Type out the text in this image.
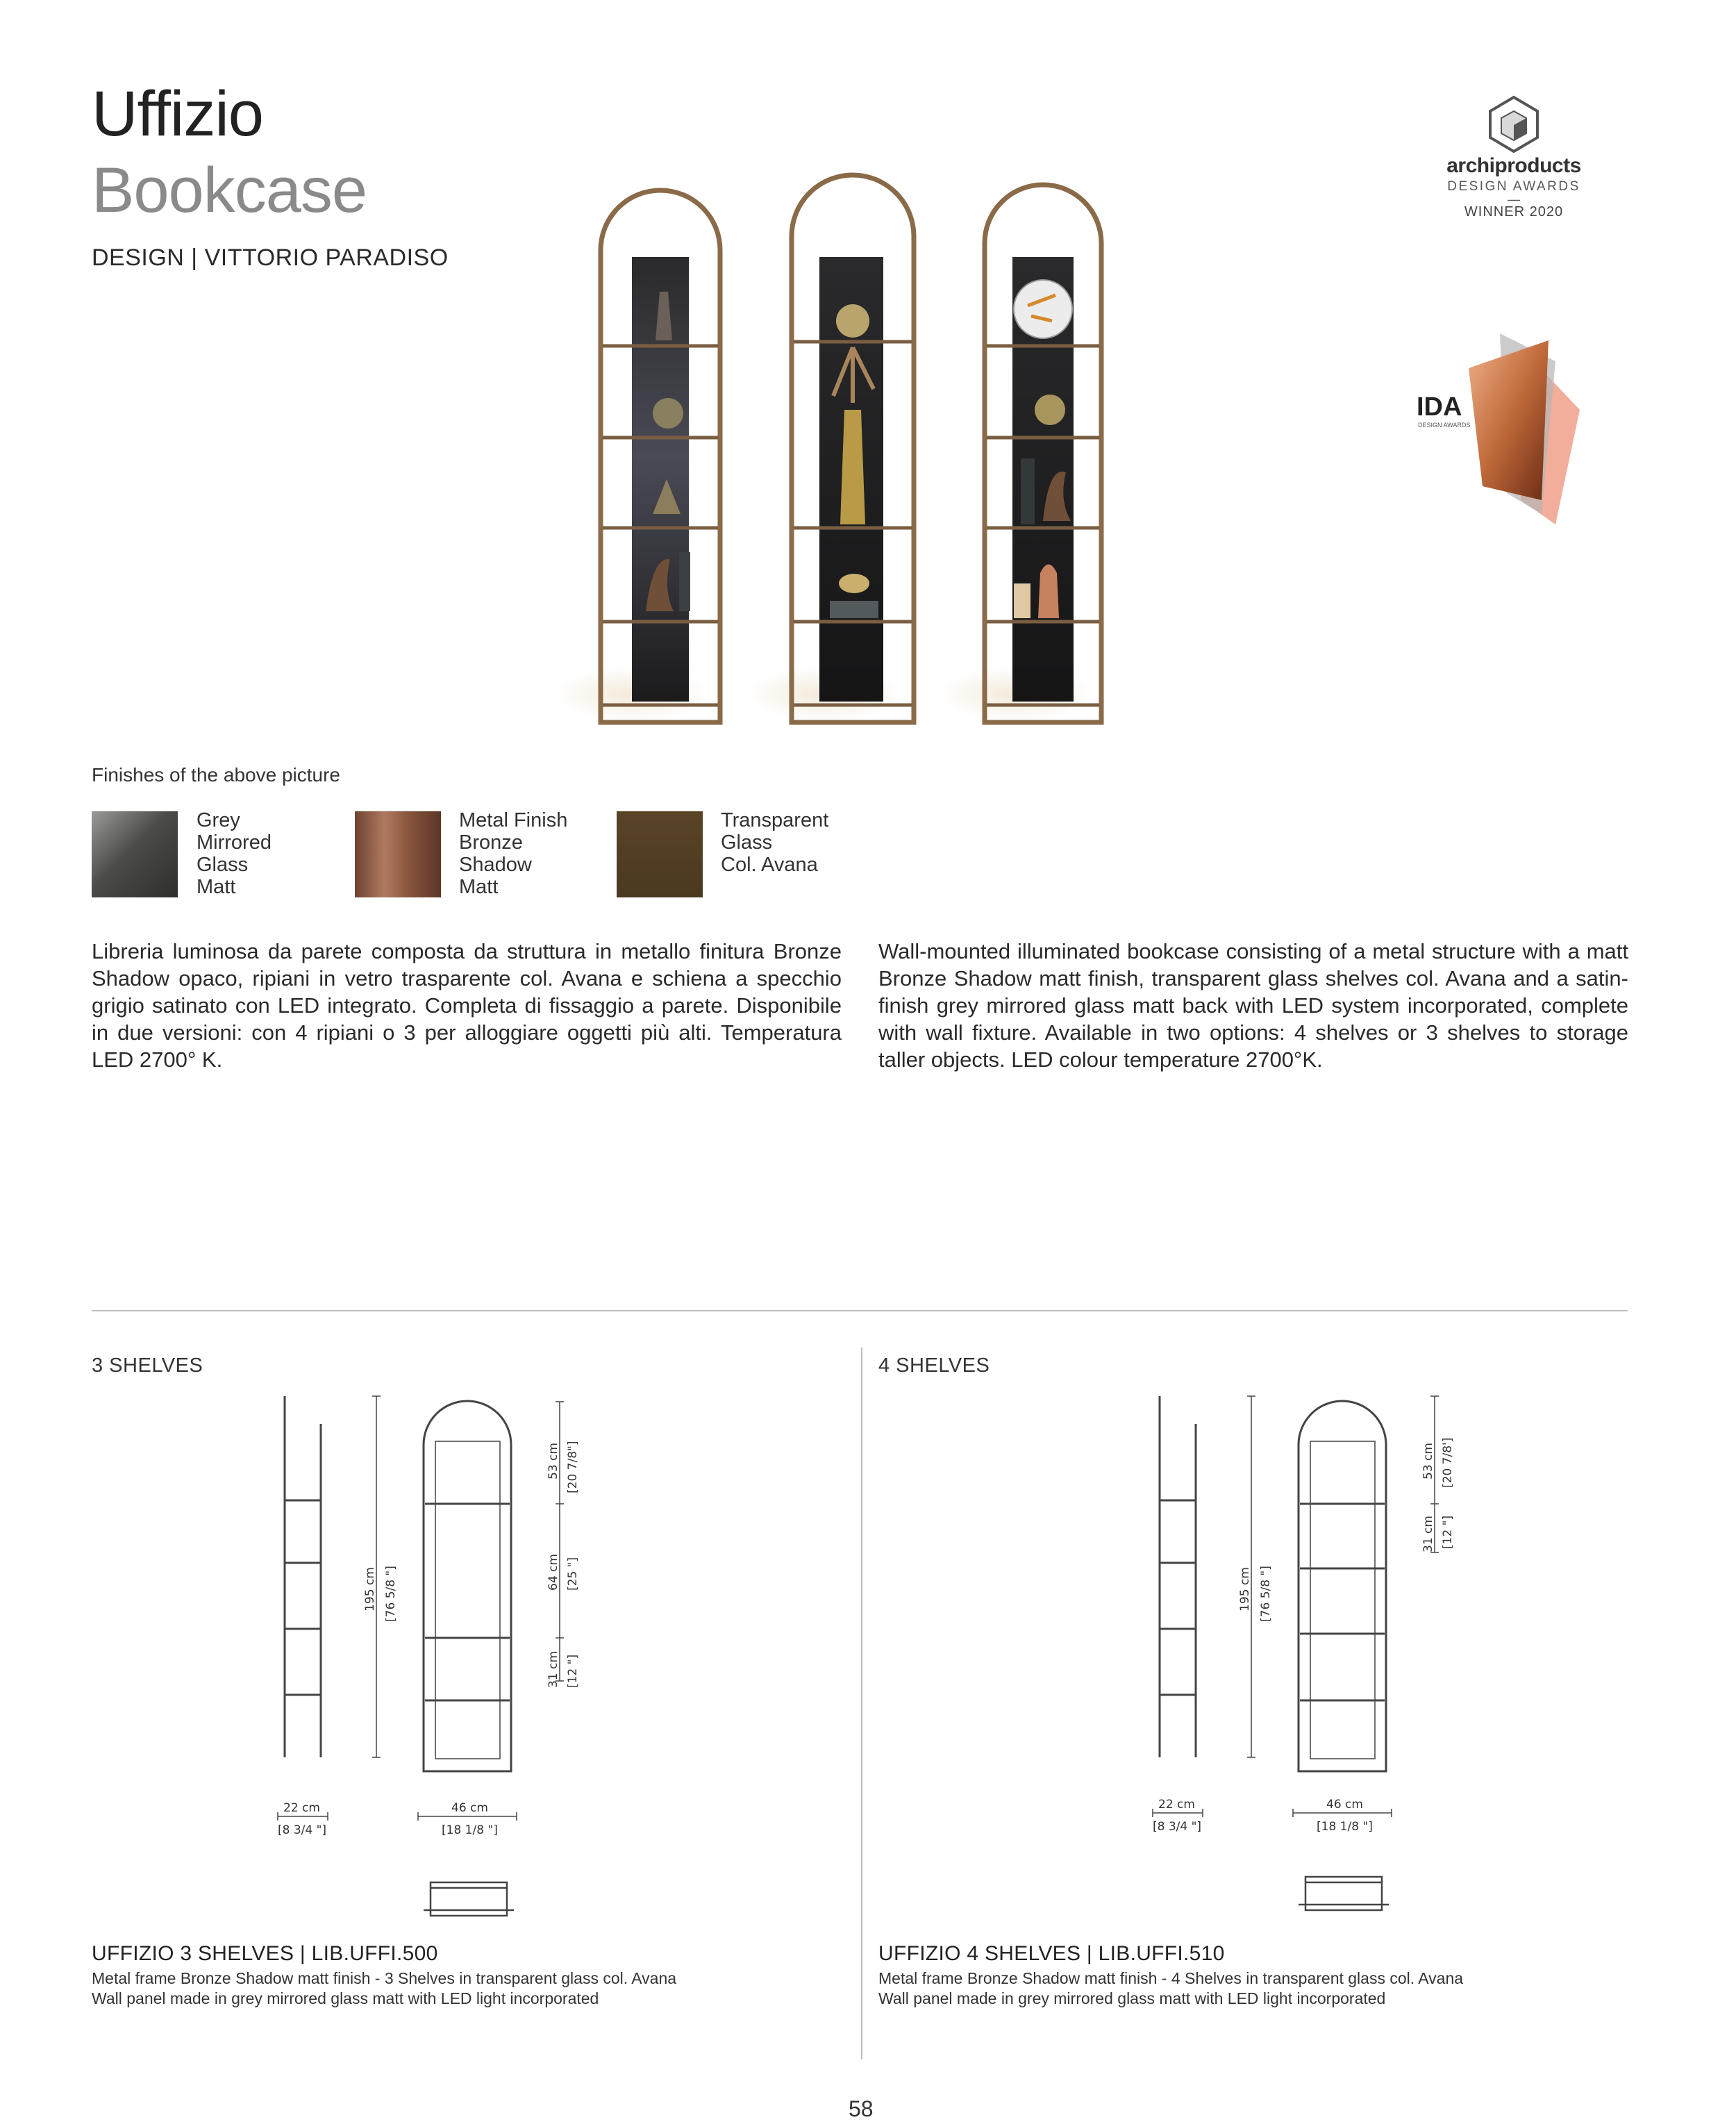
Uffizio
Bookcase
DESIGN | VITTORIO PARADISO
archiproducts
DESIGN AWARDS
—
WINNER 2020
IDA
DESIGN AWARDS
Finishes of the above picture
Grey
Mirrored
Glass
Matt
Metal Finish
Bronze
Shadow
Matt
Transparent
Glass
Col. Avana
Libreria luminosa da parete composta da struttura in metallo finitura Bronze Shadow opaco, ripiani in vetro trasparente col. Avana e schiena a specchio grigio satinato con LED integrato. Completa di fissaggio a parete. Disponibile in due versioni: con 4 ripiani o 3 per alloggiare oggetti più alti. Temperatura LED 2700° K.
Wall-mounted illuminated bookcase consisting of a metal structure with a matt Bronze Shadow matt finish, transparent glass shelves col. Avana and a satin-finish grey mirrored glass matt back with LED system incorporated, complete with wall fixture. Available in two options: 4 shelves or 3 shelves to storage taller objects. LED colour temperature 2700°K.
3 SHELVES
195 cm [76 5/8 "]
53 cm [20 7/8"]
64 cm [25 "]
31 cm [12 "]
22 cm
[8 3/4 "]
46 cm
[18 1/8 "]
UFFIZIO 3 SHELVES | LIB.UFFI.500
Metal frame Bronze Shadow matt finish - 3 Shelves in transparent glass col. Avana
Wall panel made in grey mirrored glass matt with LED light incorporated
4 SHELVES
195 cm [76 5/8 "]
53 cm [20 7/8']
31 cm [12 "]
22 cm
[8 3/4 "]
46 cm
[18 1/8 "]
UFFIZIO 4 SHELVES | LIB.UFFI.510
Metal frame Bronze Shadow matt finish - 4 Shelves in transparent glass col. Avana
Wall panel made in grey mirrored glass matt with LED light incorporated
58
